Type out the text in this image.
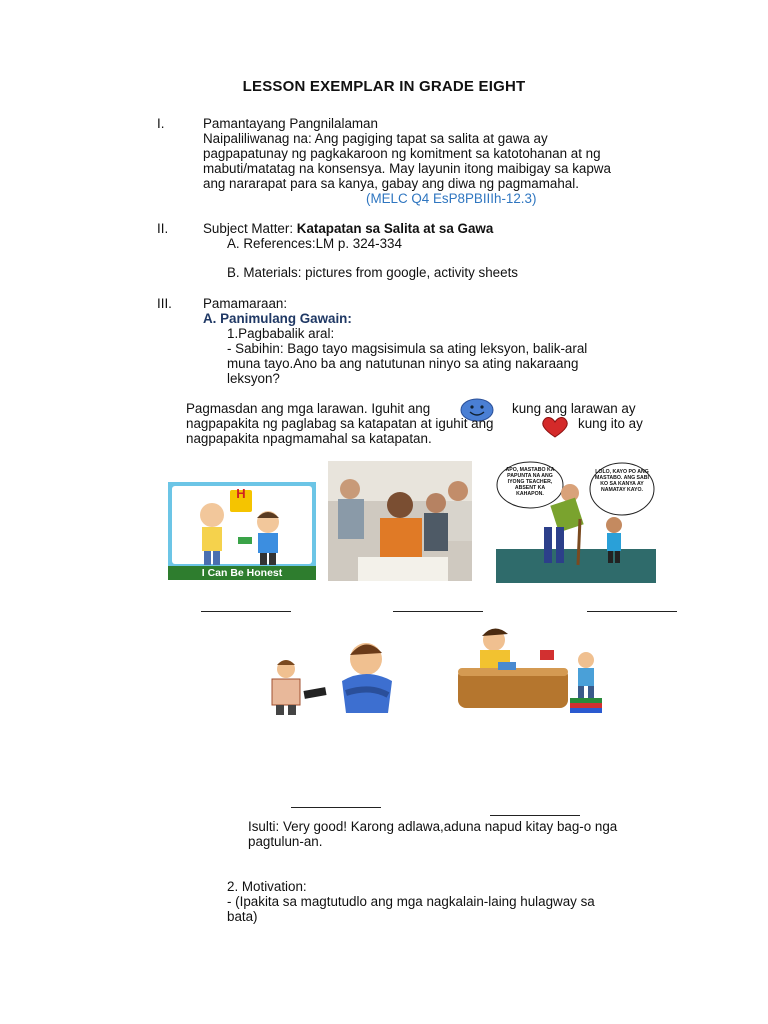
LESSON EXEMPLAR IN GRADE EIGHT
I.	Pamantayang Pangnilalaman
Naipaliliwanag na: Ang pagiging tapat sa salita at gawa ay
pagpapatunay ng pagkakaroon ng komitment sa katotohanan at ng
mabuti/matatag na konsensya. May layunin itong maibigay sa kapwa
ang nararapat para sa kanya, gabay ang diwa ng pagmamahal.
(MELC Q4 EsP8PBIIIh-12.3)
II.	Subject Matter: Katapatan sa Salita at sa Gawa
A. References:LM p. 324-334
B. Materials: pictures from google, activity sheets
III. Pamamaraan:
A. Panimulang Gawain:
1.Pagbabalik aral:
- Sabihin: Bago tayo magsisimula sa ating leksyon, balik-aral
muna tayo.Ano ba ang natutunan ninyo sa ating nakaraang
leksyon?
Pagmasdan ang mga larawan. Iguhit ang	kung ang larawan ay
nagpapakita ng paglabag sa katapatan at iguhit ang	kung ito ay
nagpapakita npagmamahal sa katapatan.
H
I Can Be Honest
APO, MASTABO KA PAPUNTA NA ANG IYONG TEACHER, ABSENT KA KAHAPON.
LOLO, KAYO PO ANG MASTABO. ANG SABI KO SA KANYA AY NAMATAY KAYO.
Isulti: Very good! Karong adlawa,aduna napud kitay bag-o nga
pagtulun-an.
2. Motivation:
- (Ipakita sa magtutudlo ang mga nagkalain-laing hulagway sa
bata)
